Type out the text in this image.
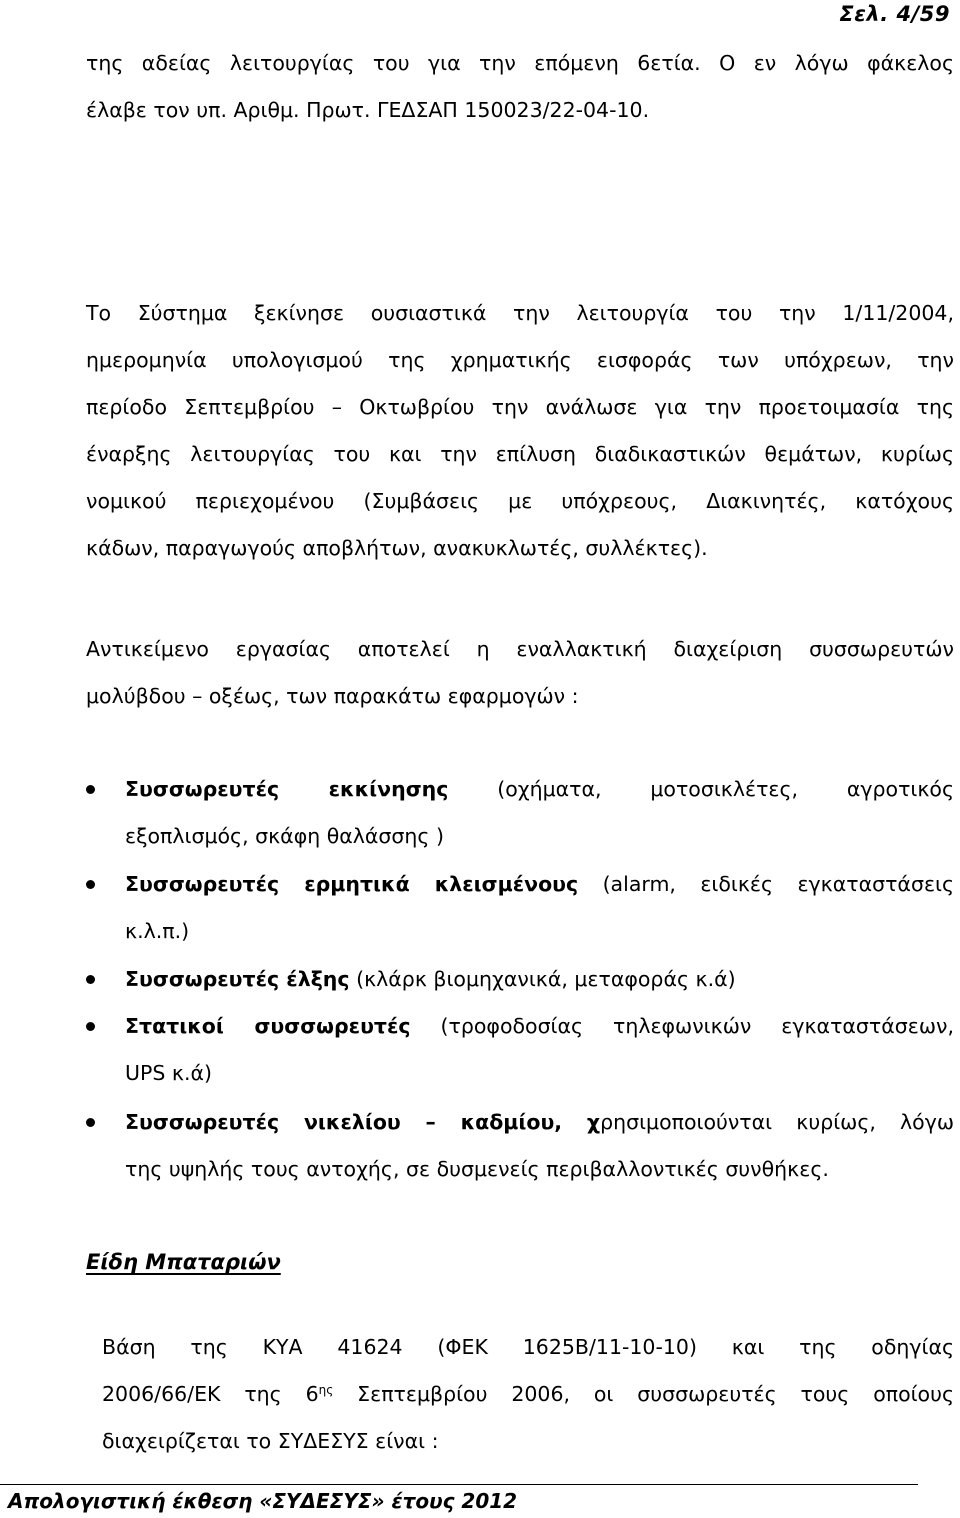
Σελ. 4/59
της αδείας λειτουργίας του για την επόμενη 6ετία. Ο εν λόγω φάκελος
έλαβε τον υπ. Αριθμ. Πρωτ. ΓΕΔΣΑΠ 150023/22-04-10.
Το Σύστημα ξεκίνησε ουσιαστικά την λειτουργία του την 1/11/2004,
ημερομηνία υπολογισμού της χρηματικής εισφοράς των υπόχρεων, την
περίοδο Σεπτεμβρίου – Οκτωβρίου την ανάλωσε για την προετοιμασία της
έναρξης λειτουργίας του και την επίλυση διαδικαστικών θεμάτων, κυρίως
νομικού περιεχομένου (Συμβάσεις με υπόχρεους, Διακινητές, κατόχους
κάδων, παραγωγούς αποβλήτων, ανακυκλωτές, συλλέκτες).
Αντικείμενο εργασίας αποτελεί η εναλλακτική διαχείριση συσσωρευτών
μολύβδου – οξέως, των παρακάτω εφαρμογών :
Συσσωρευτές εκκίνησης (οχήματα, μοτοσικλέτες, αγροτικός
εξοπλισμός, σκάφη θαλάσσης )
Συσσωρευτές ερμητικά κλεισμένους (alarm, ειδικές εγκαταστάσεις
κ.λ.π.)
Συσσωρευτές έλξης (κλάρκ βιομηχανικά, μεταφοράς κ.ά)
Στατικοί συσσωρευτές (τροφοδοσίας τηλεφωνικών εγκαταστάσεων,
UPS κ.ά)
Συσσωρευτές νικελίου – καδμίου, χρησιμοποιούνται κυρίως, λόγω
της υψηλής τους αντοχής, σε δυσμενείς περιβαλλοντικές συνθήκες.
Είδη Μπαταριών
Βάση της ΚΥΑ 41624 (ΦΕΚ 1625Β/11-10-10) και της οδηγίας
2006/66/ΕΚ της $6^{\eta\varsigma}$ Σεπτεμβρίου 2006, οι συσσωρευτές τους οποίους
διαχειρίζεται το ΣΥΔΕΣΥΣ είναι :
Απολογιστική έκθεση «ΣΥΔΕΣΥΣ» έτους 2012
